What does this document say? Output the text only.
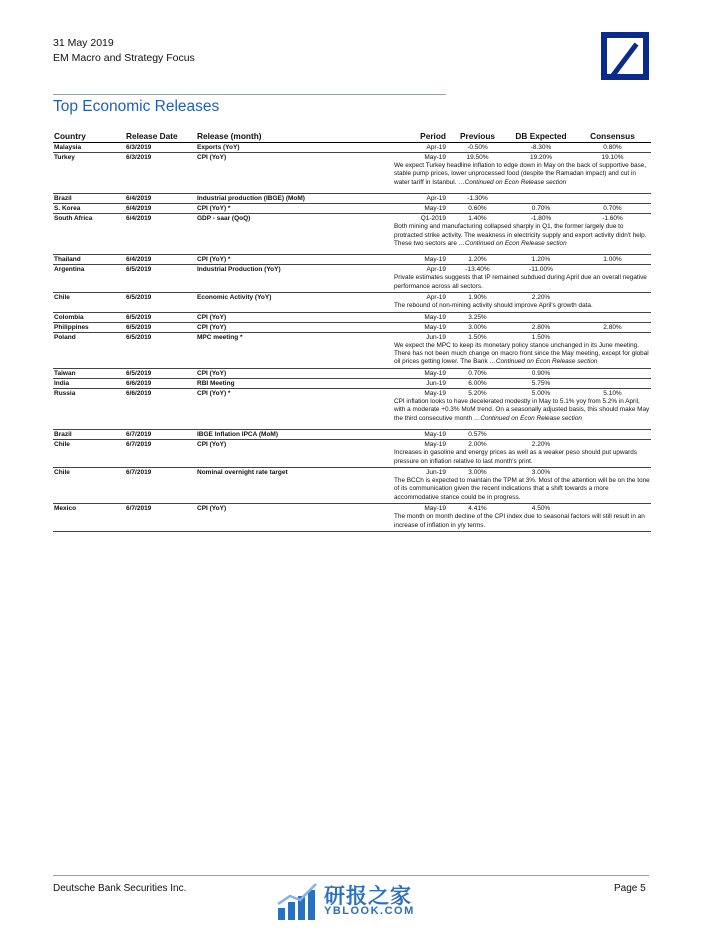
31 May 2019
EM Macro and Strategy Focus
Top Economic Releases
Country	Release Date	Release (month)	Period	Previous	DB Expected	Consensus
Malaysia	6/3/2019	Exports (YoY)	Apr-19	-0.50%	-8.30%	0.80%
Turkey	6/3/2019	CPI (YoY)	May-19	19.50%	19.20%	19.10%
			We expect Turkey headline inflation to edge down in May on the back of supportive base, stable pump prices, lower unprocessed food (despite the Ramadan impact) and cut in water tariff in Istanbul. …Continued on Econ Release section			

Brazil	6/4/2019	Industrial production (IBGE) (MoM)	Apr-19	-1.30%		
S. Korea	6/4/2019	CPI (YoY) *	May-19	0.60%	0.70%	0.70%
South Africa	6/4/2019	GDP - saar (QoQ)	Q1-2019	1.40%	-1.80%	-1.60%
			Both mining and manufacturing collapsed sharply in Q1, the former largely due to protracted strike activity. The weakness in electricity supply and export activity didn't help. These two sectors are …Continued on Econ Release section			

Thailand	6/4/2019	CPI (YoY) *	May-19	1.20%	1.20%	1.00%
Argentina	6/5/2019	Industrial Production (YoY)	Apr-19	-13.40%	-11.00%	
			Private estimates suggests that IP remained subdued during April due an overall negative performance across all sectors.			
Chile	6/5/2019	Economic Activity (YoY)	Apr-19	1.90%	2.20%	
			The rebound of non-mining activity should improve April's growth data.			
Colombia	6/5/2019	CPI (YoY)	May-19	3.25%		
Philippines	6/5/2019	CPI (YoY)	May-19	3.00%	2.80%	2.80%
Poland	6/5/2019	MPC meeting *	Jun-19	1.50%	1.50%	
			We expect the MPC to keep its monetary policy stance unchanged in its June meeting. There has not been much change on macro front since the May meeting, except for global oil prices getting lower. The Bank …Continued on Econ Release section			
Taiwan	6/5/2019	CPI (YoY)	May-19	0.70%	0.90%	
India	6/6/2019	RBI Meeting	Jun-19	6.00%	5.75%	
Russia	6/6/2019	CPI (YoY) *	May-19	5.20%	5.00%	5.10%
			CPI inflation looks to have decelerated modestly in May to 5.1% yoy from 5.2% in April, with a moderate +0.3% MoM trend. On a seasonally adjusted basis, this should make May the third consecutive month …Continued on Econ Release section			

Brazil	6/7/2019	IBGE Inflation IPCA (MoM)	May-19	0.57%		
Chile	6/7/2019	CPI (YoY)	May-19	2.00%	2.20%	
			Increases in gasoline and energy prices as well as a weaker peso should put upwards pressure on inflation relative to last month's print.			
Chile	6/7/2019	Nominal overnight rate target	Jun-19	3.00%	3.00%	
			The BCCh is expected to maintain the TPM at 3%. Most of the attention will be on the tone of its communication given the recent indications that a shift towards a more accommodative stance could be in progress.			
Mexico	6/7/2019	CPI (YoY)	May-19	4.41%	4.50%	
			The month on month decline of the CPI index due to seasonal factors will still result in an increase of inflation in y/y terms.			

Deutsche Bank Securities Inc.	Page 5
研报之家
YBLOOK.COM
